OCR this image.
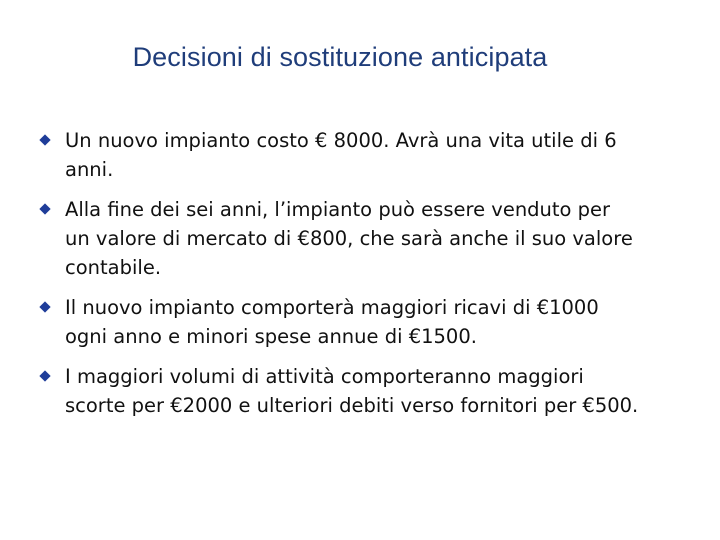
Decisioni di sostituzione anticipata
Un nuovo impianto costo € 8000. Avrà una vita utile di 6 anni.
Alla fine dei sei anni, l’impianto può essere venduto per un valore di mercato di €800, che sarà anche il suo valore contabile.
Il nuovo impianto comporterà maggiori ricavi di €1000 ogni anno e minori spese annue di €1500.
I maggiori volumi di attività comporteranno maggiori scorte per €2000 e ulteriori debiti verso fornitori per €500.
